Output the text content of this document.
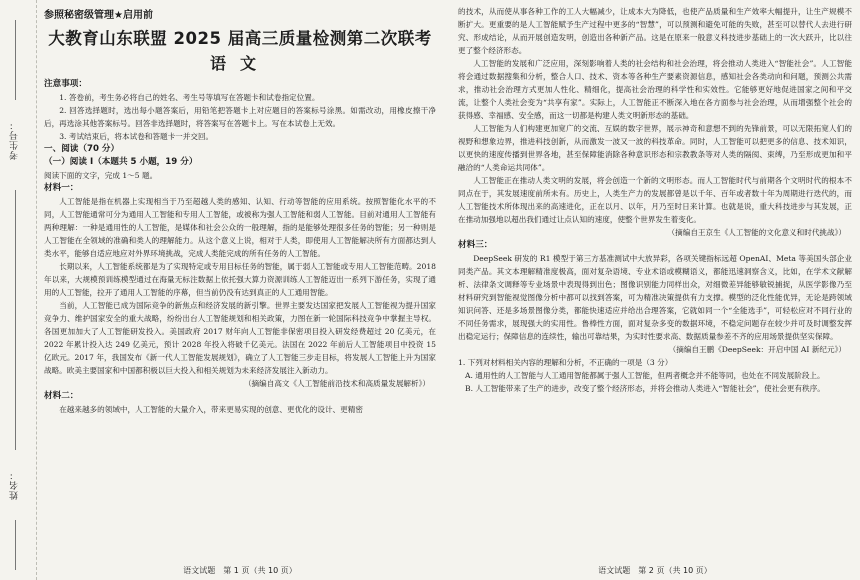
考生号：
姓名：
参照秘密级管理★启用前
大教育山东联盟 2025 届高三质量检测第二次联考
语文
注意事项：
1. 答卷前，考生务必将自己的姓名、考生号等填写在答题卡和试卷指定位置。
2. 回答选择题时，选出每小题答案后，用铅笔把答题卡上对应题目的答案标号涂黑。如需改动，用橡皮擦干净后，再选涂其他答案标号。回答非选择题时，将答案写在答题卡上。写在本试卷上无效。
3. 考试结束后，将本试卷和答题卡一并交回。
一、阅读（70 分）
（一）阅读 I（本题共 5 小题，19 分）
阅读下面的文字，完成 1～5 题。
材料一：
人工智能是指在机器上实现相当于乃至超越人类的感知、认知、行动等智能的应用系统。按照智能化水平的不同，人工智能通常可分为通用人工智能和专用人工智能，或被称为强人工智能和弱人工智能。目前对通用人工智能有两种理解：一种是通用性的人工智能，是媒体和社会公众的一般理解，指的是能够处理很多任务的智能；另一种则是人工智能在全领域的准确和类人的理解能力。从这个意义上说，相对于人类，即使用人工智能解决所有方面都达到人类水平，能够自适应地应对外界环境挑战，完成人类能完成的所有任务的人工智能。
长期以来，人工智能系统都是为了实现特定或专用目标任务的智能，属于弱人工智能或专用人工智能范畴。2018 年以来，大规模预训练模型通过在海量无标注数据上依托强大算力资源训练人工智能迈出一系列下游任务，实现了通用的人工智能，拉开了通用人工智能的序幕，但当前仍没有达到真正的人工通用智能。
当前，人工智能已成为国际竞争的新焦点和经济发展的新引擎。世界主要发达国家把发展人工智能视为提升国家竞争力、维护国家安全的重大战略，纷纷出台人工智能规划和相关政策，力图在新一轮国际科技竞争中掌握主导权。各国更加加大了人工智能研发投入。美国政府 2017 财年向人工智能非保密项目投入研发经费超过 20 亿美元，在 2022 年累计投入达 249 亿美元，预计 2028 年投入将破千亿美元。法国在 2022 年前后人工智能项目中投资 15 亿欧元。2017 年，我国发布《新一代人工智能发展规划》，确立了人工智能三步走目标，将发展人工智能上升为国家战略。欧美主要国家和中国都积极以巨大投入和相关规划为未来经济发展注入新动力。
（摘编自高文《人工智能前沿技术和高质量发展解析》）
材料二：
在越来越多的领域中，人工智能的大量介入，带来更易实现的创意、更优化的设计、更精密
语文试题　第 1 页（共 10 页）
的技术，从而使从事各种工作的工人大幅减少，让成本大为降低，也使产品质量和生产效率大幅提升，让生产规模不断扩大。更重要的是人工智能赋予生产过程中更多的“智慧”，可以预测和避免可能的失败，甚至可以替代人去进行研究、形成结论，从而开展创造发明，创造出各种新产品。这是在原来一般意义科技进步基础上的一次大跃升，比以往更了整个经济形态。
人工智能的发展和广泛应用，深刻影响着人类的社会结构和社会治理，将会推动人类进入“智能社会”。人工智能将会通过数据搜集和分析，整合人口、技术、资本等各种生产要素资源信息，感知社会各类动向和问题，预测公共需求，推动社会治理方式更加人性化、精细化，提高社会治理的科学性和实效性。它能够更好地促进国家之间和平交流，让整个人类社会变为“共享有家”。实际上，人工智能正不断深入地在各方面参与社会治理，从而增强整个社会的获得感、幸福感、安全感，而这一切都是构建人类文明新形态的基础。
人工智能为人们构建更加宽广的交流、互娱的数字世界，展示神奇和意想不到的先锋前景，可以无限拓宽人们的视野和想象边界，推进科技创新，从而激发一波又一波的科技革命。同时，人工智能可以把更多的信息、技术知识，以更快的速度传播到世界各地，甚至保障能消除各种意识形态和宗教教条等对人类的隔阂、束缚，乃至形成更加和平融洽的“人类命运共同体”。
人工智能正在推动人类文明的发展，将会创造一个新的文明形态。而人工智能时代与前期各个文明时代的根本不同点在于，其发展速度前所未有。历史上，人类生产力的发展都曾是以千年、百年或者数十年为周期进行迭代的，而人工智能技术所体现出来的高速进化，正在以月、以年，月乃至时日来计算。也就是说，重大科技进步与其发展，正在推动加强地以超出我们通过让点认知的速度，使整个世界发生着变化。
（摘编自王京生《人工智能的文化意义和时代挑战》）
材料三：
DeepSeek 研发的 R1 模型于第三方基准测试中大放异彩，各项关键指标远超 OpenAI、Meta 等美国头部企业同类产品。其文本理解精准度极高，面对复杂语境、专业术语或模糊语义，都能迅速洞察含义，比如，在学术文献解析、法律条文调释等专业场景中表现得到出色；图像识别能力同样出众，对细微差异能够敏锐捕捉，从医学影像乃至材料研究到智能视觉图像分析中都可以找到答案，可为精准决策提供有力支撑。模型的泛化性能优异，无论是跨领域知识问答、还是多场景图像分类，都能快速适应并给出合理答案，它就如同一个“全能选手”，可轻松应对不同行业的不同任务需求，展现强大的实用性。鲁棒性方面，面对复杂多变的数据环境，不稳定问题存在较少并可及时调整发挥出稳定运行；保障信息的连续性，输出可靠结果，为实时性要求高、数据质量参差不齐的应用场景提供坚实保障。
（摘编自王鹏《DeepSeek：开启中国 AI 新纪元》）
1. 下列对材料相关内容的理解和分析，不正确的一项是（3 分）
A. 通用性的人工智能与人工通用智能都属于强人工智能，但两者概念并不能等同，也处在不同发展阶段上。
B. 人工智能带来了生产的进步，改变了整个经济形态，并将会推动人类进入“智能社会”，使社会更有秩序。
语文试题　第 2 页（共 10 页）
